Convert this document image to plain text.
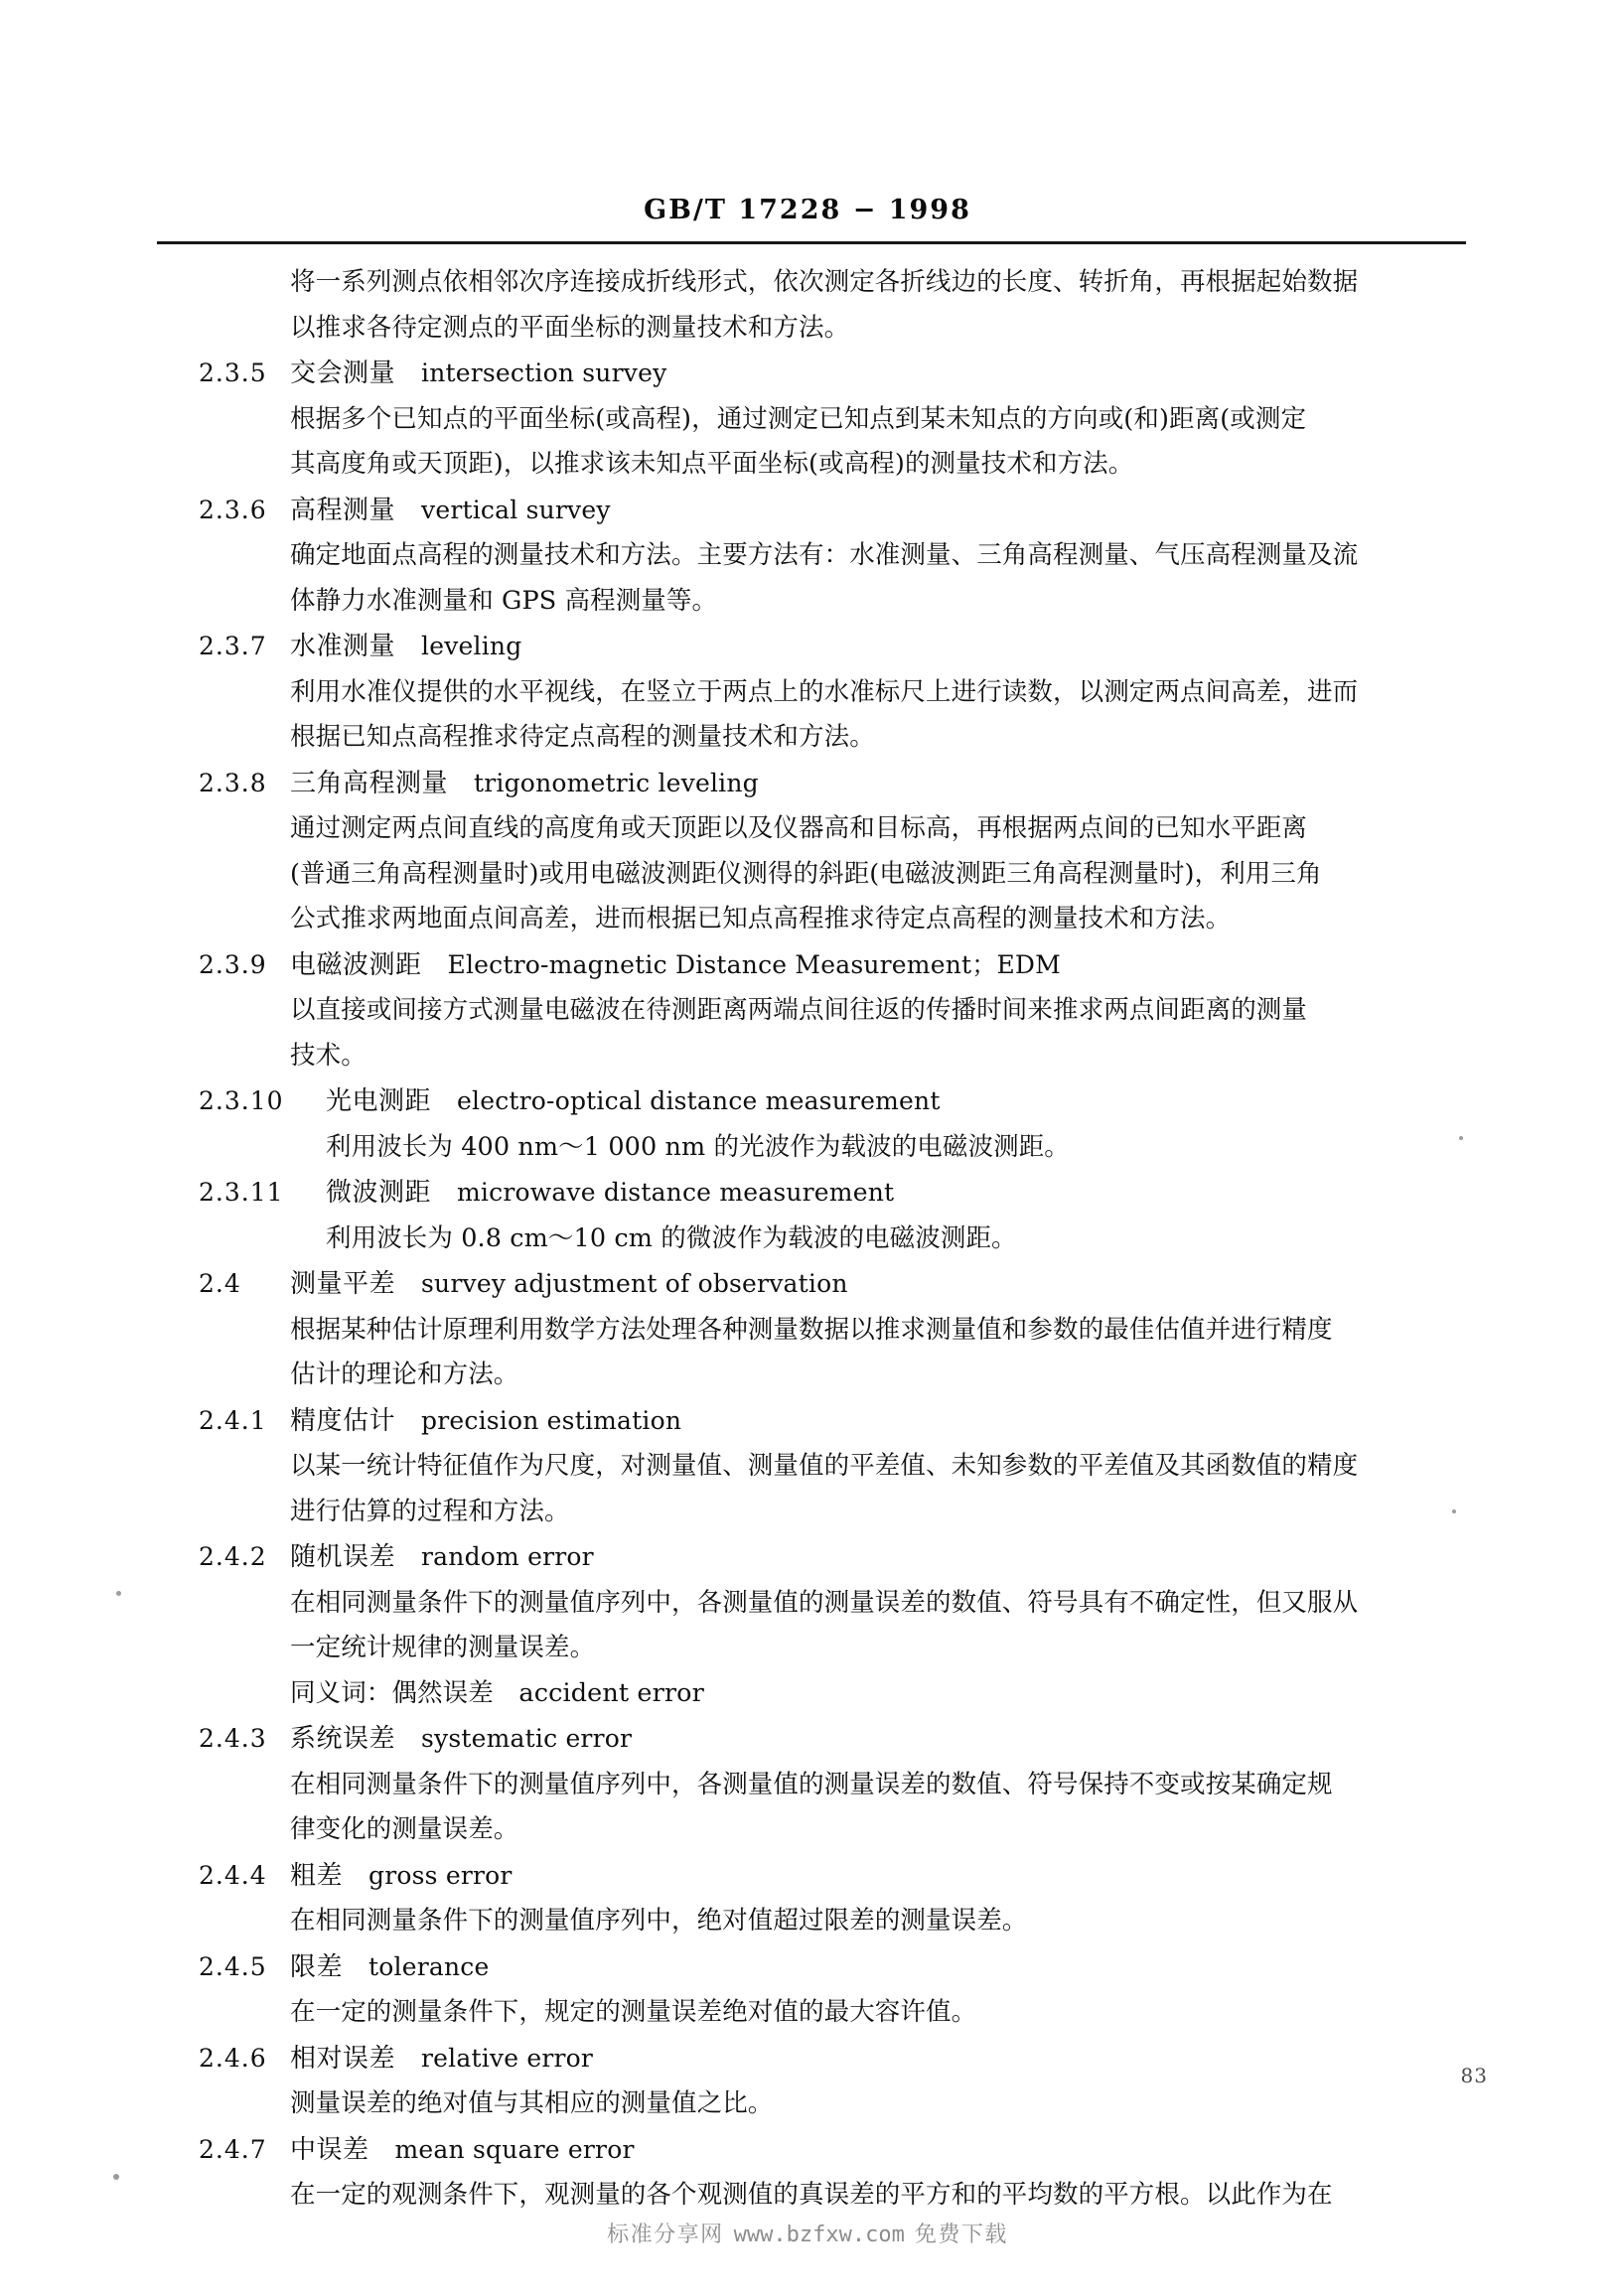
GB/T 17228 − 1998
将一系列测点依相邻次序连接成折线形式，依次测定各折线边的长度、转折角，再根据起始数据
以推求各待定测点的平面坐标的测量技术和方法。
2.3.5 交会测量	intersection survey
根据多个已知点的平面坐标(或高程)，通过测定已知点到某未知点的方向或(和)距离(或测定
其高度角或天顶距)，以推求该未知点平面坐标(或高程)的测量技术和方法。
2.3.6 高程测量	vertical survey
确定地面点高程的测量技术和方法。主要方法有：水准测量、三角高程测量、气压高程测量及流
体静力水准测量和 GPS 高程测量等。
2.3.7 水准测量	leveling
利用水准仪提供的水平视线，在竖立于两点上的水准标尺上进行读数，以测定两点间高差，进而
根据已知点高程推求待定点高程的测量技术和方法。
2.3.8 三角高程测量	trigonometric leveling
通过测定两点间直线的高度角或天顶距以及仪器高和目标高，再根据两点间的已知水平距离
(普通三角高程测量时)或用电磁波测距仪测得的斜距(电磁波测距三角高程测量时)，利用三角
公式推求两地面点间高差，进而根据已知点高程推求待定点高程的测量技术和方法。
2.3.9 电磁波测距	Electro-magnetic Distance Measurement；EDM
以直接或间接方式测量电磁波在待测距离两端点间往返的传播时间来推求两点间距离的测量
技术。
2.3.10	光电测距	electro-optical distance measurement
利用波长为 400 nm～1 000 nm 的光波作为载波的电磁波测距。
2.3.11	微波测距	microwave distance measurement
利用波长为 0.8 cm～10 cm 的微波作为载波的电磁波测距。
2.4	测量平差	survey adjustment of observation
根据某种估计原理利用数学方法处理各种测量数据以推求测量值和参数的最佳估值并进行精度
估计的理论和方法。
2.4.1 精度估计	precision estimation
以某一统计特征值作为尺度，对测量值、测量值的平差值、未知参数的平差值及其函数值的精度
进行估算的过程和方法。
2.4.2 随机误差	random error
在相同测量条件下的测量值序列中，各测量值的测量误差的数值、符号具有不确定性，但又服从
一定统计规律的测量误差。
同义词：偶然误差　accident error
2.4.3 系统误差	systematic error
在相同测量条件下的测量值序列中，各测量值的测量误差的数值、符号保持不变或按某确定规
律变化的测量误差。
2.4.4 粗差	gross error
在相同测量条件下的测量值序列中，绝对值超过限差的测量误差。
2.4.5 限差	tolerance
在一定的测量条件下，规定的测量误差绝对值的最大容许值。
2.4.6 相对误差	relative error
测量误差的绝对值与其相应的测量值之比。
2.4.7 中误差	mean square error
在一定的观测条件下，观测量的各个观测值的真误差的平方和的平均数的平方根。以此作为在
83
标准分享网 www.bzfxw.com 免费下载
